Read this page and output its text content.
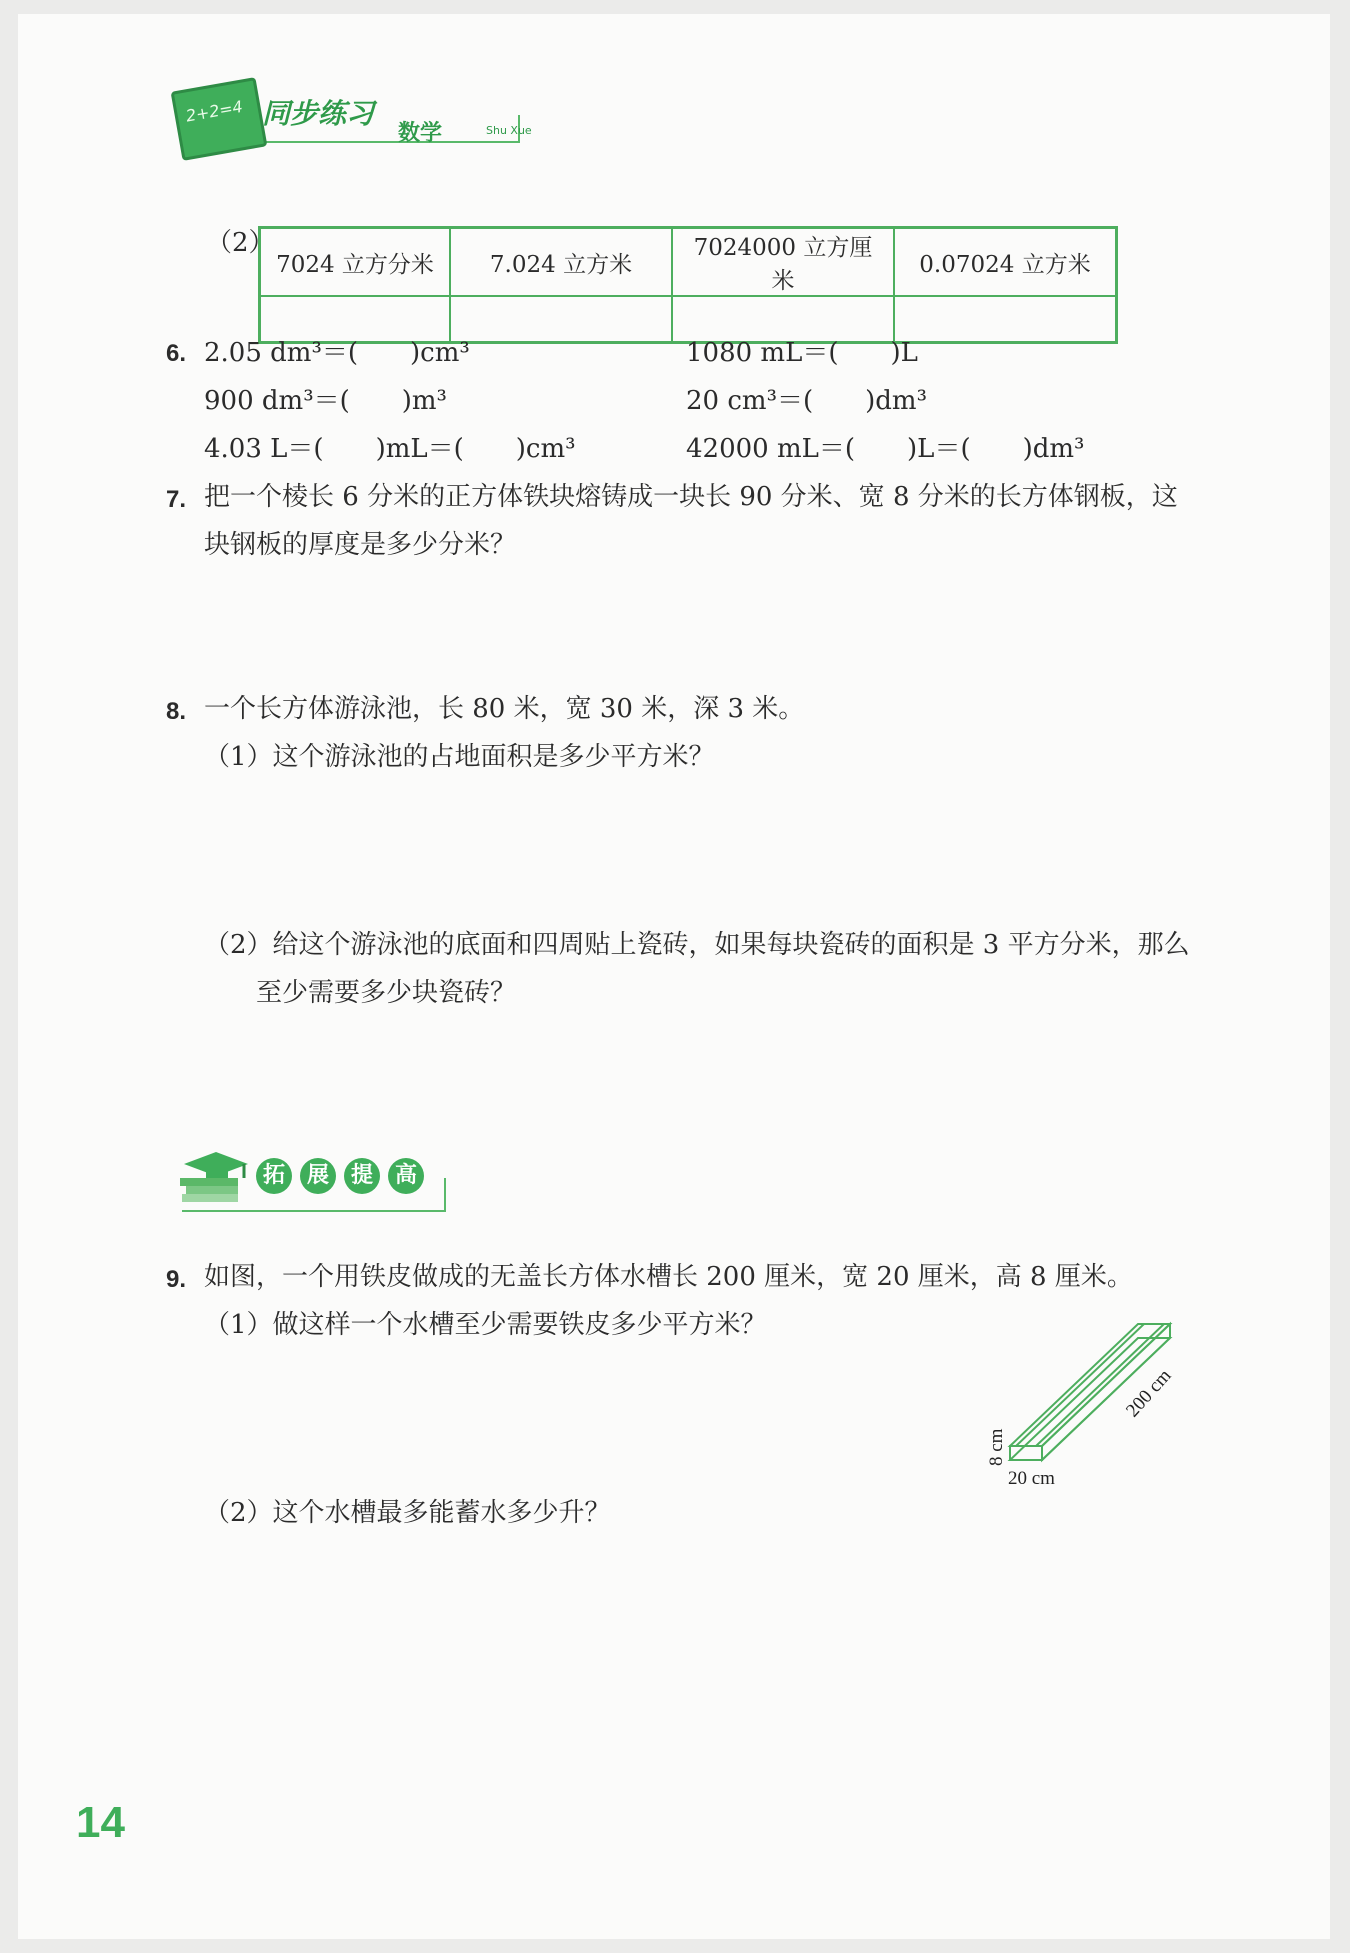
2+2=4 同步练习
数学	Shu Xue
（2）
7024 立方分米	7.024 立方米	7024000 立方厘米	0.07024 立方米

6. 2.05 dm³＝(　　)cm³	1080 mL＝(　　)L
900 dm³＝(　　)m³	20 cm³＝(　　)dm³
4.03 L＝(　　)mL＝(　　)cm³	42000 mL＝(　　)L＝(　　)dm³
7. 把一个棱长 6 分米的正方体铁块熔铸成一块长 90 分米、宽 8 分米的长方体钢板，这
块钢板的厚度是多少分米？
8. 一个长方体游泳池，长 80 米，宽 30 米，深 3 米。
（1）这个游泳池的占地面积是多少平方米？
（2）给这个游泳池的底面和四周贴上瓷砖，如果每块瓷砖的面积是 3 平方分米，那么
至少需要多少块瓷砖？
拓 展 提 高
9. 如图，一个用铁皮做成的无盖长方体水槽长 200 厘米，宽 20 厘米，高 8 厘米。
（1）做这样一个水槽至少需要铁皮多少平方米？
（2）这个水槽最多能蓄水多少升？
200 cm
20 cm
8 cm
14
